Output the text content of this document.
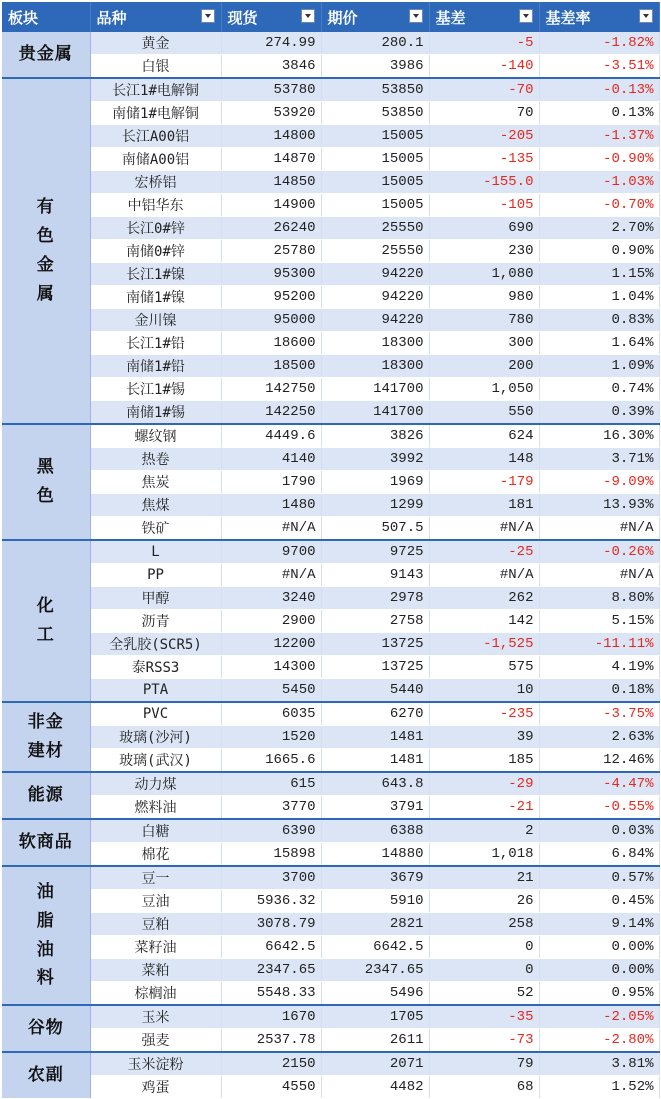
板块	品种	现货	期价	基差	基差率

贵金属	黄金	274.99	280.1	-5	-1.82%
	白银	3846	3986	-140	-3.51%

有
色
金
属	长江1#电解铜	53780	53850	-70	-0.13%
	南储1#电解铜	53920	53850	70	0.13%
	长江A00铝	14800	15005	-205	-1.37%
	南储A00铝	14870	15005	-135	-0.90%
	宏桥铝	14850	15005	-155.0	-1.03%
	中铝华东	14900	15005	-105	-0.70%
	长江0#锌	26240	25550	690	2.70%
	南储0#锌	25780	25550	230	0.90%
	长江1#镍	95300	94220	1,080	1.15%
	南储1#镍	95200	94220	980	1.04%
	金川镍	95000	94220	780	0.83%
	长江1#铅	18600	18300	300	1.64%
	南储1#铅	18500	18300	200	1.09%
	长江1#锡	142750	141700	1,050	0.74%
	南储1#锡	142250	141700	550	0.39%

黑
色	螺纹钢	4449.6	3826	624	16.30%
	热卷	4140	3992	148	3.71%
	焦炭	1790	1969	-179	-9.09%
	焦煤	1480	1299	181	13.93%
	铁矿	#N/A	507.5	#N/A	#N/A

化
工	L	9700	9725	-25	-0.26%
	PP	#N/A	9143	#N/A	#N/A
	甲醇	3240	2978	262	8.80%
	沥青	2900	2758	142	5.15%
	全乳胶(SCR5)	12200	13725	-1,525	-11.11%
	泰RSS3	14300	13725	575	4.19%
	PTA	5450	5440	10	0.18%

非金
建材	PVC	6035	6270	-235	-3.75%
	玻璃(沙河)	1520	1481	39	2.63%
	玻璃(武汉)	1665.6	1481	185	12.46%

能源	动力煤	615	643.8	-29	-4.47%
	燃料油	3770	3791	-21	-0.55%

软商品	白糖	6390	6388	2	0.03%
	棉花	15898	14880	1,018	6.84%

油
脂
油
料	豆一	3700	3679	21	0.57%
	豆油	5936.32	5910	26	0.45%
	豆粕	3078.79	2821	258	9.14%
	菜籽油	6642.5	6642.5	0	0.00%
	菜粕	2347.65	2347.65	0	0.00%
	棕榈油	5548.33	5496	52	0.95%

谷物	玉米	1670	1705	-35	-2.05%
	强麦	2537.78	2611	-73	-2.80%

农副	玉米淀粉	2150	2071	79	3.81%
	鸡蛋	4550	4482	68	1.52%
